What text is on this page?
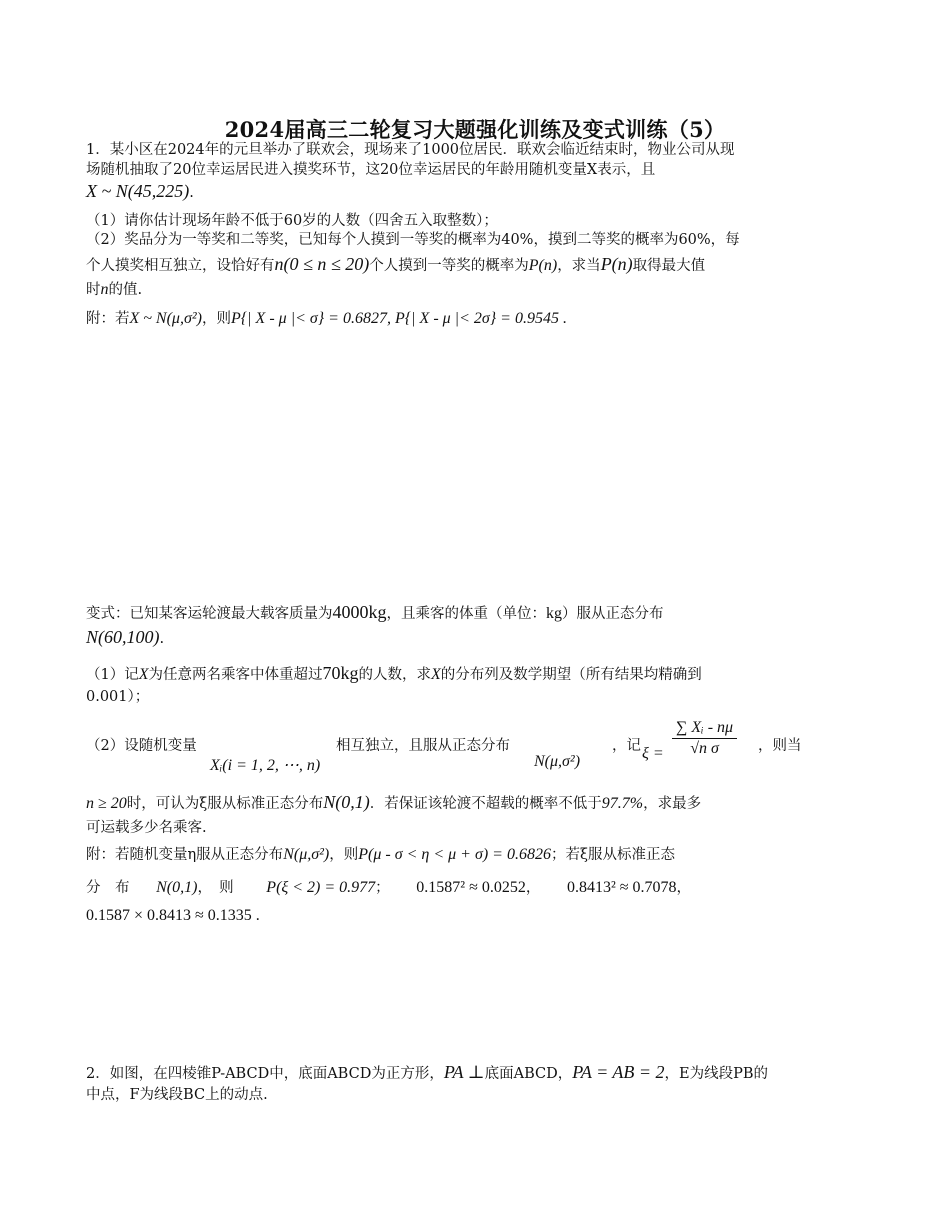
2024届高三二轮复习大题强化训练及变式训练（5）
1．某小区在2024年的元旦举办了联欢会，现场来了1000位居民．联欢会临近结束时，物业公司从现
场随机抽取了20位幸运居民进入摸奖环节，这20位幸运居民的年龄用随机变量X表示，且
X ~ N(45,225).
（1）请你估计现场年龄不低于60岁的人数（四舍五入取整数）；
（2）奖品分为一等奖和二等奖，已知每个人摸到一等奖的概率为40%，摸到二等奖的概率为60%，每
个人摸奖相互独立，设恰好有n(0 ≤ n ≤ 20)个人摸到一等奖的概率为P(n)，求当P(n)取得最大值
时n的值.
附：若X ~ N(μ,σ²)，则P{| X - μ |< σ} = 0.6827, P{| X - μ |< 2σ} = 0.9545 .
变式：已知某客运轮渡最大载客质量为4000kg，且乘客的体重（单位：kg）服从正态分布
N(60,100).
（1）记X为任意两名乘客中体重超过70kg的人数，求X的分布列及数学期望（所有结果均精确到
0.001）；
（2）设随机变量
Xᵢ(i = 1, 2, ⋯, n)
相互独立，且服从正态分布
N(μ,σ²)
，记 $\xi = \frac{\text{∑ Xᵢ - nμ}}{\text{√n σ}}$ ，则当
n ≥ 20时，可认为ξ服从标准正态分布N(0,1)．若保证该轮渡不超载的概率不低于97.7%，求最多
可运载多少名乘客.
附：若随机变量η服从正态分布N(μ,σ²)，则P(μ - σ < η < μ + σ) = 0.6826；若ξ服从标准正态
分　布 N(0,1)，　则 P(ξ < 2) = 0.977； 0.1587² ≈ 0.0252， 0.8413² ≈ 0.7078，
0.1587 × 0.8413 ≈ 0.1335 .
2．如图，在四棱锥P-ABCD中，底面ABCD为正方形，PA ⊥底面ABCD，PA = AB = 2，E为线段PB的
中点，F为线段BC上的动点.
